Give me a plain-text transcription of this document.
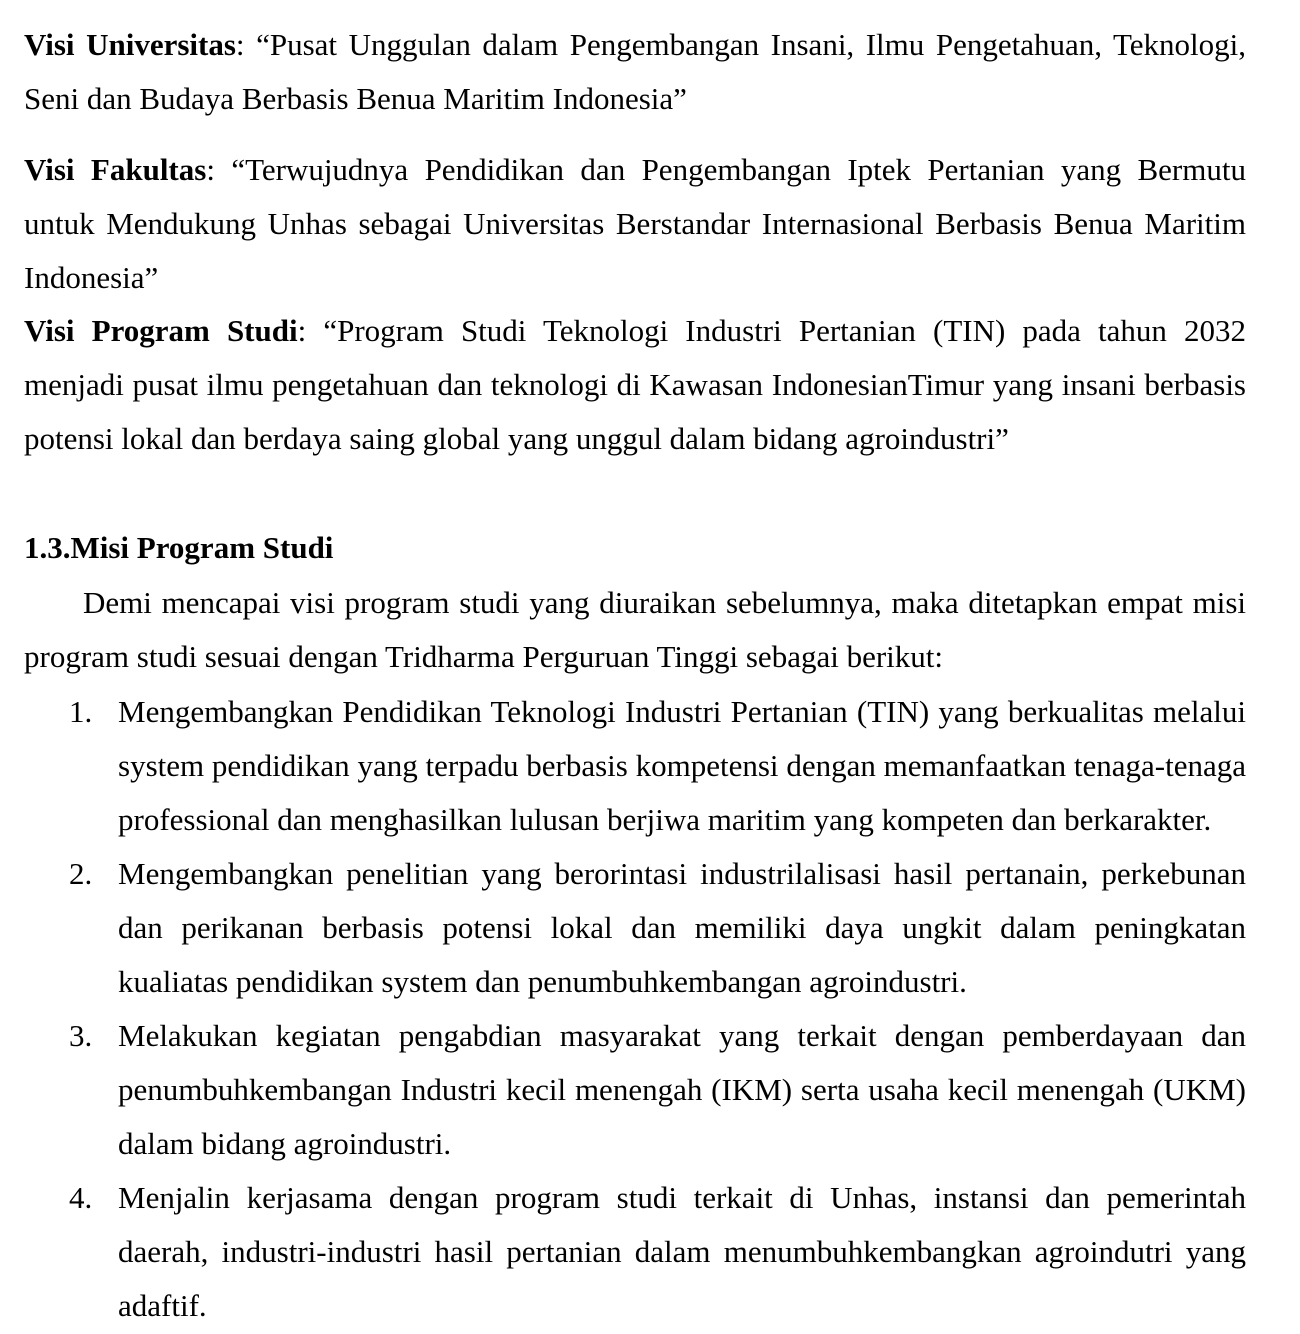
Visi Universitas: “Pusat Unggulan dalam Pengembangan Insani, Ilmu Pengetahuan, Teknologi, Seni dan Budaya Berbasis Benua Maritim Indonesia”

Visi Fakultas: “Terwujudnya Pendidikan dan Pengembangan Iptek Pertanian yang Bermutu untuk Mendukung Unhas sebagai Universitas Berstandar Internasional Berbasis Benua Maritim Indonesia”

Visi Program Studi: “Program Studi Teknologi Industri Pertanian (TIN) pada tahun 2032 menjadi pusat ilmu pengetahuan dan teknologi di Kawasan IndonesianTimur yang insani berbasis potensi lokal dan berdaya saing global yang unggul dalam bidang agroindustri”

1.3.Misi Program Studi

Demi mencapai visi program studi yang diuraikan sebelumnya, maka ditetapkan empat misi program studi sesuai dengan Tridharma Perguruan Tinggi sebagai berikut:

1. Mengembangkan Pendidikan Teknologi Industri Pertanian (TIN) yang berkualitas melalui system pendidikan yang terpadu berbasis kompetensi dengan memanfaatkan tenaga-tenaga professional dan menghasilkan lulusan berjiwa maritim yang kompeten dan berkarakter.
2. Mengembangkan penelitian yang berorintasi industrilalisasi hasil pertanain, perkebunan dan perikanan berbasis potensi lokal dan memiliki daya ungkit dalam peningkatan kualiatas pendidikan system dan penumbuhkembangan agroindustri.
3. Melakukan kegiatan pengabdian masyarakat yang terkait dengan pemberdayaan dan penumbuhkembangan Industri kecil menengah (IKM) serta usaha kecil menengah (UKM) dalam bidang agroindustri.
4. Menjalin kerjasama dengan program studi terkait di Unhas, instansi dan pemerintah daerah, industri-industri hasil pertanian dalam menumbuhkembangkan agroindutri yang adaftif.
